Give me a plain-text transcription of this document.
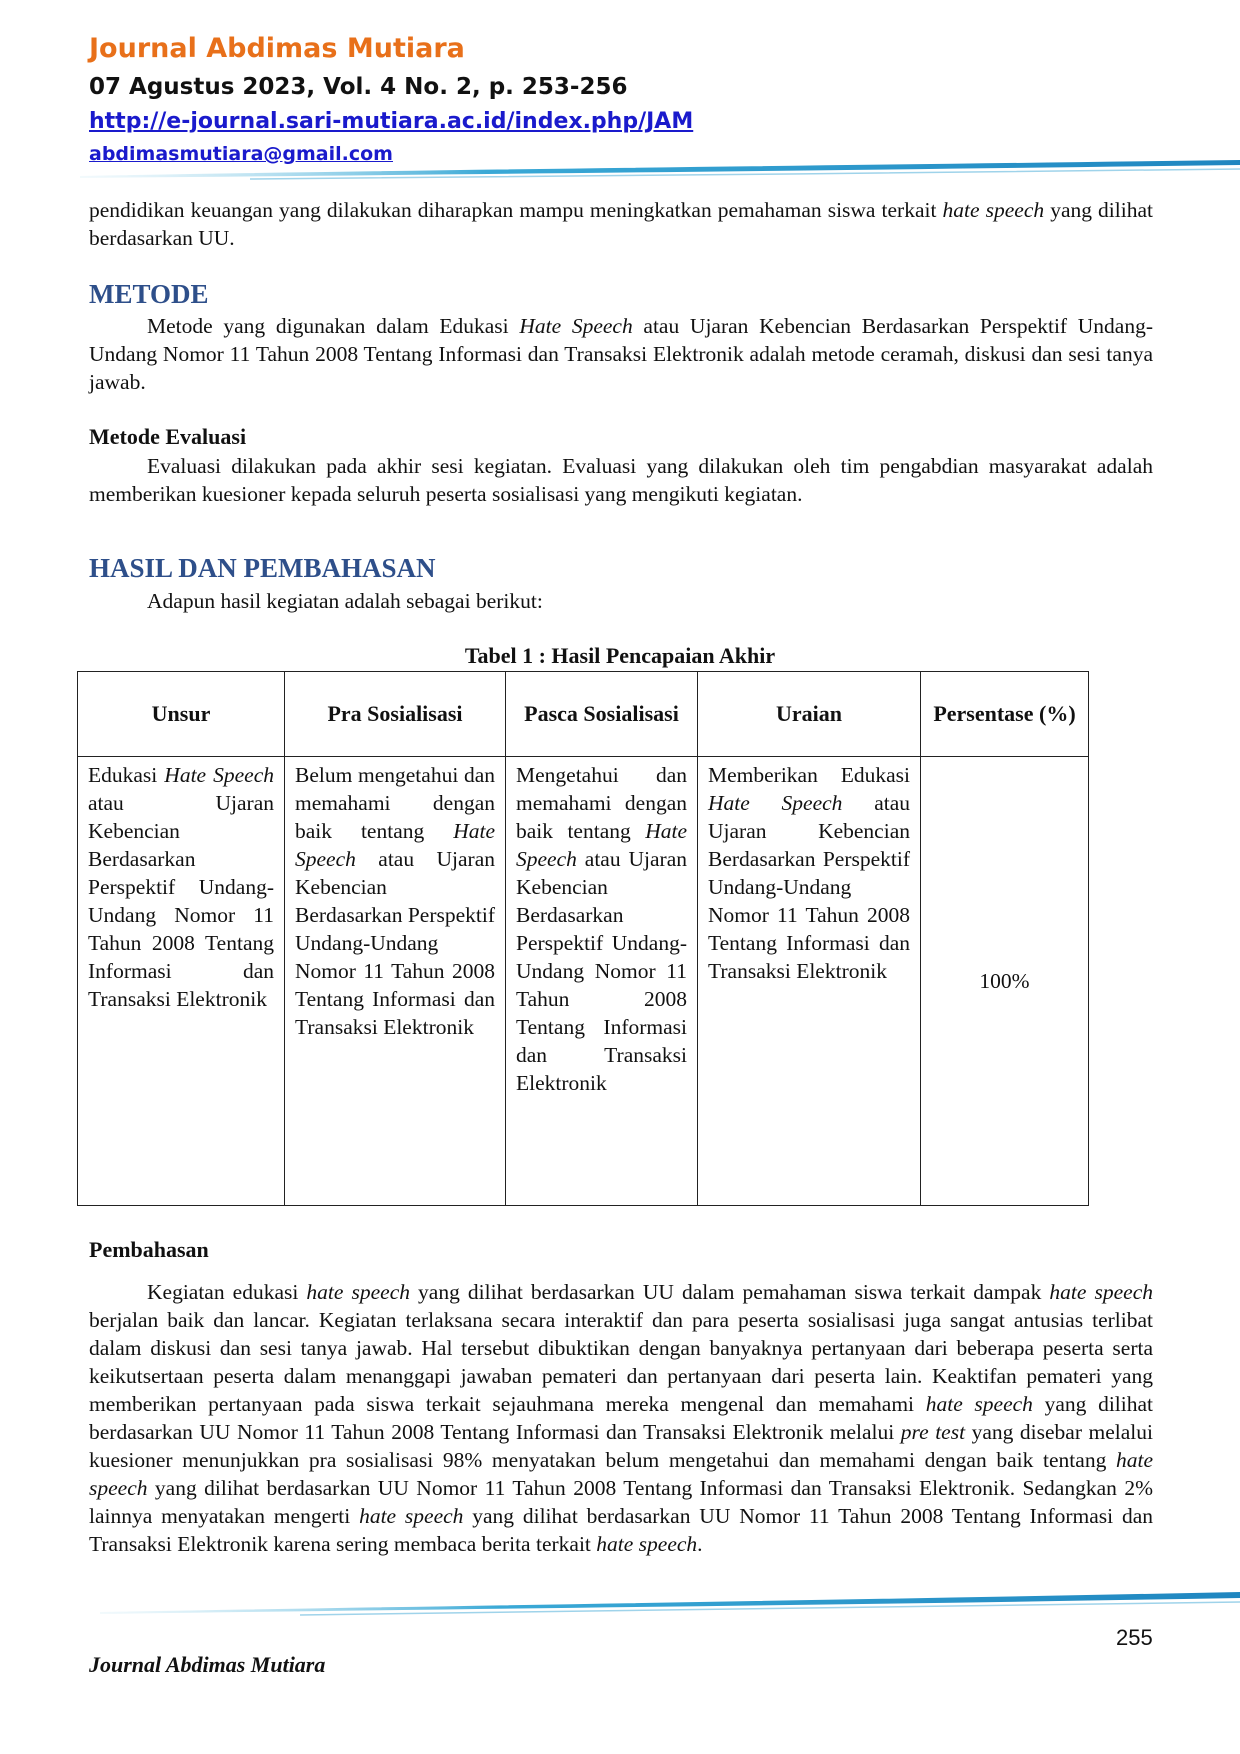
Journal Abdimas Mutiara
07 Agustus 2023, Vol. 4 No. 2, p. 253-256
http://e-journal.sari-mutiara.ac.id/index.php/JAM
abdimasmutiara@gmail.com

pendidikan keuangan yang dilakukan diharapkan mampu meningkatkan pemahaman siswa terkait hate speech yang dilihat berdasarkan UU.

METODE

Metode yang digunakan dalam Edukasi Hate Speech atau Ujaran Kebencian Berdasarkan Perspektif Undang-Undang Nomor 11 Tahun 2008 Tentang Informasi dan Transaksi Elektronik adalah metode ceramah, diskusi dan sesi tanya jawab.

Metode Evaluasi

Evaluasi dilakukan pada akhir sesi kegiatan. Evaluasi yang dilakukan oleh tim pengabdian masyarakat adalah memberikan kuesioner kepada seluruh peserta sosialisasi yang mengikuti kegiatan.

HASIL DAN PEMBAHASAN

Adapun hasil kegiatan adalah sebagai berikut:

Tabel 1 : Hasil Pencapaian Akhir
Unsur	Pra Sosialisasi	Pasca Sosialisasi	Uraian	Persentase (%)
Edukasi Hate Speech atau Ujaran Kebencian Berdasarkan Perspektif Undang-Undang Nomor 11 Tahun 2008 Tentang Informasi dan Transaksi Elektronik	Belum mengetahui dan memahami dengan baik tentang Hate Speech atau Ujaran Kebencian Berdasarkan Perspektif Undang-Undang Nomor 11 Tahun 2008 Tentang Informasi dan Transaksi Elektronik	Mengetahui dan memahami dengan baik tentang Hate Speech atau Ujaran Kebencian Berdasarkan Perspektif Undang-Undang Nomor 11 Tahun 2008 Tentang Informasi dan Transaksi Elektronik	Memberikan Edukasi Hate Speech atau Ujaran Kebencian Berdasarkan Perspektif Undang-Undang Nomor 11 Tahun 2008 Tentang Informasi dan Transaksi Elektronik	100%
Pembahasan

Kegiatan edukasi hate speech yang dilihat berdasarkan UU dalam pemahaman siswa terkait dampak hate speech berjalan baik dan lancar. Kegiatan terlaksana secara interaktif dan para peserta sosialisasi juga sangat antusias terlibat dalam diskusi dan sesi tanya jawab. Hal tersebut dibuktikan dengan banyaknya pertanyaan dari beberapa peserta serta keikutsertaan peserta dalam menanggapi jawaban pemateri dan pertanyaan dari peserta lain. Keaktifan pemateri yang memberikan pertanyaan pada siswa terkait sejauhmana mereka mengenal dan memahami hate speech yang dilihat berdasarkan UU Nomor 11 Tahun 2008 Tentang Informasi dan Transaksi Elektronik melalui pre test yang disebar melalui kuesioner menunjukkan pra sosialisasi 98% menyatakan belum mengetahui dan memahami dengan baik tentang hate speech yang dilihat berdasarkan UU Nomor 11 Tahun 2008 Tentang Informasi dan Transaksi Elektronik. Sedangkan 2% lainnya menyatakan mengerti hate speech yang dilihat berdasarkan UU Nomor 11 Tahun 2008 Tentang Informasi dan Transaksi Elektronik karena sering membaca berita terkait hate speech.

255
Journal Abdimas Mutiara
